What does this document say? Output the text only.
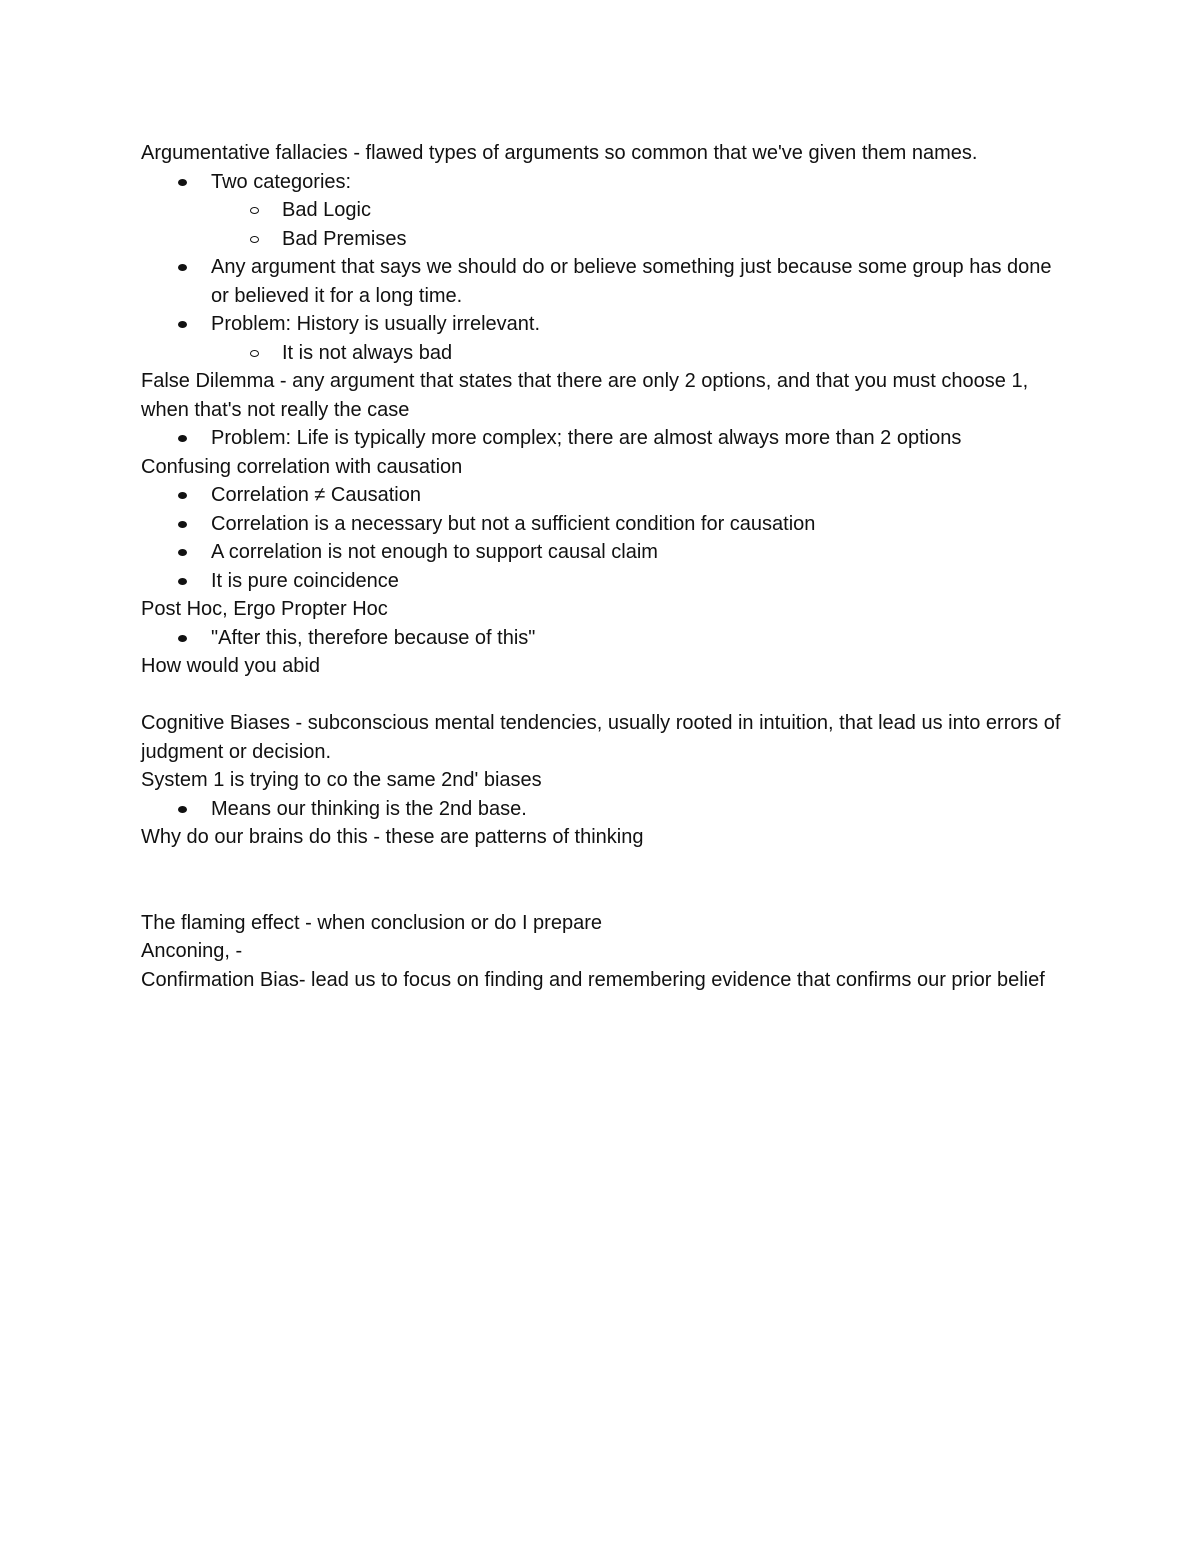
Argumentative fallacies - flawed types of arguments so common that we've given them names.

Two categories:
Bad Logic
Bad Premises
Any argument that says we should do or believe something just because some group has done or believed it for a long time.
Problem: History is usually irrelevant.
It is not always bad

False Dilemma - any argument that states that there are only 2 options, and that you must choose 1, when that's not really the case

Problem: Life is typically more complex; there are almost always more than 2 options

Confusing correlation with causation

Correlation ≠ Causation
Correlation is a necessary but not a sufficient condition for causation
A correlation is not enough to support causal claim
It is pure coincidence

Post Hoc, Ergo Propter Hoc

"After this, therefore because of this"

How would you abid

Cognitive Biases - subconscious mental tendencies, usually rooted in intuition, that lead us into errors of judgment or decision.

System 1 is trying to co the same 2nd' biases

Means our thinking is the 2nd base.

Why do our brains do this - these are patterns of thinking

The flaming effect - when conclusion or do I prepare

Anconing, -

Confirmation Bias- lead us to focus on finding and remembering evidence that confirms our prior belief
